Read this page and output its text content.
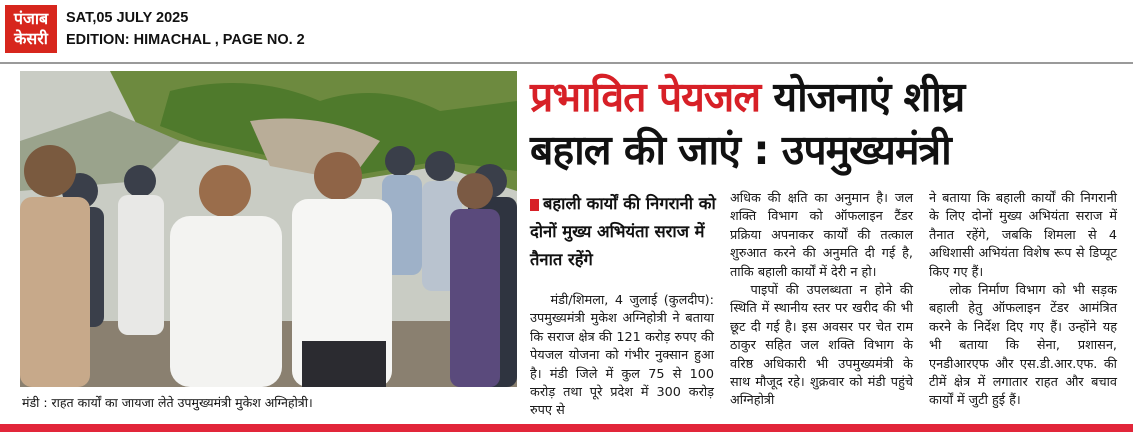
पंजाब
केसरी
SAT,05 JULY 2025
EDITION: HIMACHAL , PAGE NO. 2
मंडी : राहत कार्यों का जायजा लेते उपमुख्यमंत्री मुकेश अग्निहोत्री।
प्रभावित पेयजल योजनाएं शीघ्र
बहाल की जाएं : उपमुख्यमंत्री
बहाली कार्यों की निगरानी को दोनों मुख्य अभियंता सराज में तैनात रहेंगे

मंडी/शिमला, 4 जुलाई (कुलदीप): उपमुख्यमंत्री मुकेश अग्निहोत्री ने बताया कि सराज क्षेत्र की 121 करोड़ रुपए की पेयजल योजना को गंभीर नुक्सान हुआ है। मंडी जिले में कुल 75 से 100 करोड़ तथा पूरे प्रदेश में 300 करोड़ रुपए से

अधिक की क्षति का अनुमान है। जल शक्ति विभाग को ऑफलाइन टैंडर प्रक्रिया अपनाकर कार्यों की तत्काल शुरुआत करने की अनुमति दी गई है, ताकि बहाली कार्यों में देरी न हो।

पाइपों की उपलब्धता न होने की स्थिति में स्थानीय स्तर पर खरीद की भी छूट दी गई है। इस अवसर पर चेत राम ठाकुर सहित जल शक्ति विभाग के वरिष्ठ अधिकारी भी उपमुख्यमंत्री के साथ मौजूद रहे। शुक्रवार को मंडी पहुंचे अग्निहोत्री

ने बताया कि बहाली कार्यों की निगरानी के लिए दोनों मुख्य अभियंता सराज में तैनात रहेंगे, जबकि शिमला से 4 अधिशासी अभियंता विशेष रूप से डिप्यूट किए गए हैं।

लोक निर्माण विभाग को भी सड़क बहाली हेतु ऑफलाइन टेंडर आमंत्रित करने के निर्देश दिए गए हैं। उन्होंने यह भी बताया कि सेना, प्रशासन, एनडीआरएफ और एस.डी.आर.एफ. की टीमें क्षेत्र में लगातार राहत और बचाव कार्यों में जुटी हुई हैं।
